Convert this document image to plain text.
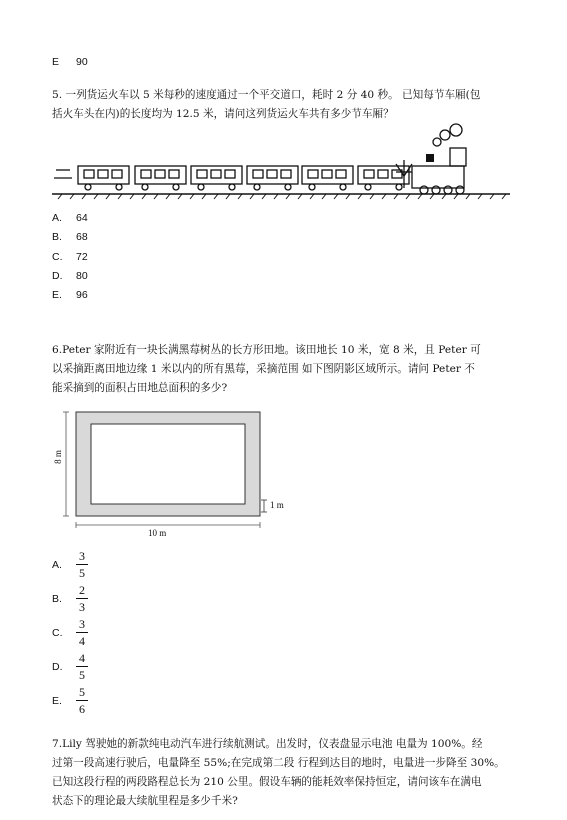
E 90
5. 一列货运火车以 5 米每秒的速度通过一个平交道口，耗时 2 分 40 秒。 已知每节车厢(包
括火车头在内)的长度均为 12.5 米，请问这列货运火车共有多少节车厢？
A. 64
B. 68
C. 72
D. 80
E. 96
6.Peter 家附近有一块长满黑莓树丛的长方形田地。该田地长 10 米，宽 8 米，且 Peter 可
以采摘距离田地边缘 1 米以内的所有黑莓，采摘范围 如下图阴影区域所示。请问 Peter 不
能采摘到的面积占田地总面积的多少?
8 m
10 m
1 m
A.
3
5
B.
2
3
C.
3
4
D.
4
5
E.
5
6
7.Lily 驾驶她的新款纯电动汽车进行续航测试。出发时，仪表盘显示电池 电量为 100%。经
过第一段高速行驶后，电量降至 55%;在完成第二段 行程到达目的地时，电量进一步降至 30%。
已知这段行程的两段路程总长为 210 公里。假设车辆的能耗效率保持恒定，请问该车在满电
状态下的理论最大续航里程是多少千米?
